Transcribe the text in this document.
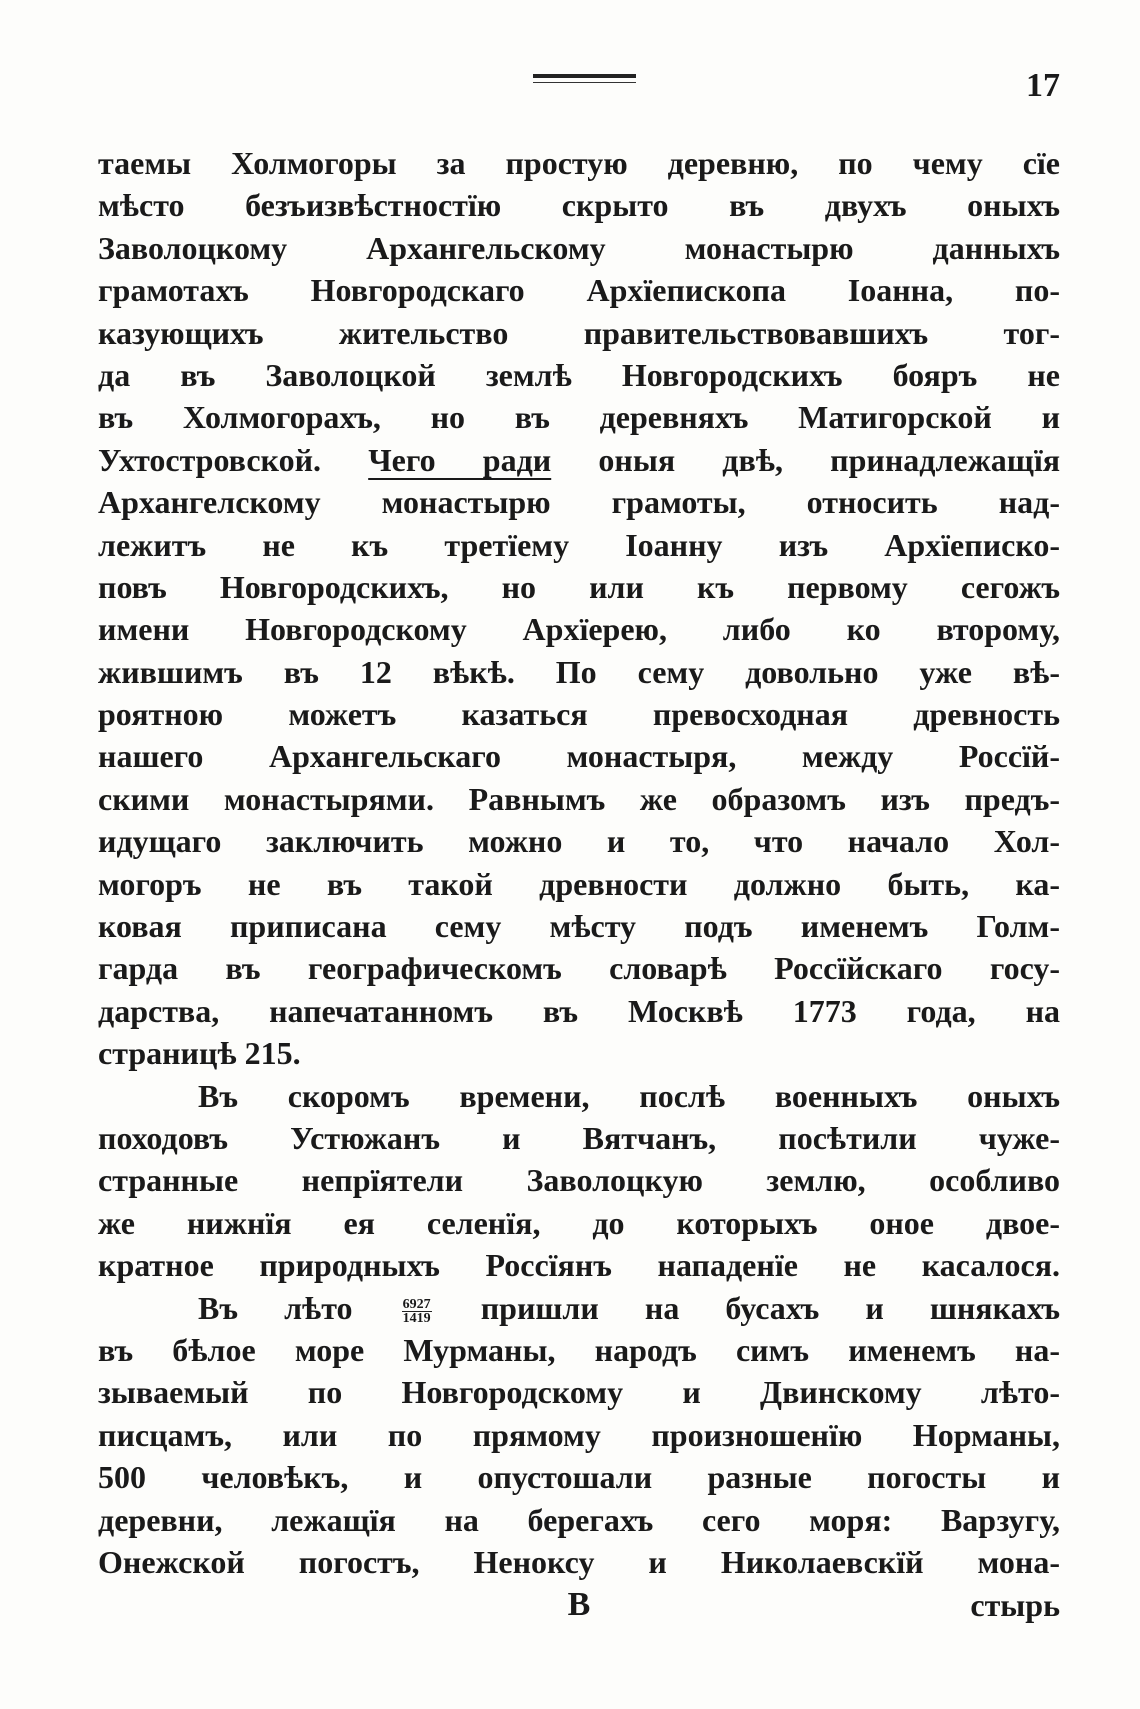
17
таемы Холмогоры за простую деревню, по чему сїе
мѣсто безъизвѣстностїю скрыто въ двухъ оныхъ
Заволоцкому Архангельскому монастырю данныхъ
грамотахъ Новгородскаго Архїепископа Іоанна, по-
казующихъ жительство правительствовавшихъ тог-
да въ Заволоцкой землѣ Новгородскихъ бояръ не
въ Холмогорахъ, но въ деревняхъ Матигорской и
Ухтостровской. Чего ради оныя двѣ, принадлежащїя
Архангелскому монастырю грамоты, относить над-
лежитъ не къ третїему Іоанну изъ Архїеписко-
повъ Новгородскихъ, но или къ первому сегожъ
имени Новгородскому Архїерею, либо ко второму,
жившимъ въ 12 вѣкѣ. По сему довольно уже вѣ-
роятною можетъ казаться превосходная древность
нашего Архангельскаго монастыря, между Россїй-
скими монастырями. Равнымъ же образомъ изъ предъ-
идущаго заключить можно и то, что начало Хол-
могоръ не въ такой древности должно быть, ка-
ковая приписана сему мѣсту подъ именемъ Голм-
гарда въ географическомъ словарѣ Россїйскаго госу-
дарства, напечатанномъ въ Москвѣ 1773 года, на
страницѣ 215.
Въ скоромъ времени, послѣ военныхъ оныхъ
походовъ Устюжанъ и Вятчанъ, посѣтили чуже-
странные непрїятели Заволоцкую землю, особливо
же нижнїя ея селенїя, до которыхъ оное двое-
кратное природныхъ Россїянъ нападенїе не касалося.
Въ лѣто $\frac{6927}{1419}$ пришли на бусахъ и шнякахъ
въ бѣлое море Мурманы, народъ симъ именемъ на-
зываемый по Новгородскому и Двинскому лѣто-
писцамъ, или по прямому произношенїю Норманы,
500 человѣкъ, и опустошали разные погосты и
деревни, лежащїя на берегахъ сего моря: Варзугу,
Онежской погостъ, Неноксу и Николаевскїй мона-
В	стырь
